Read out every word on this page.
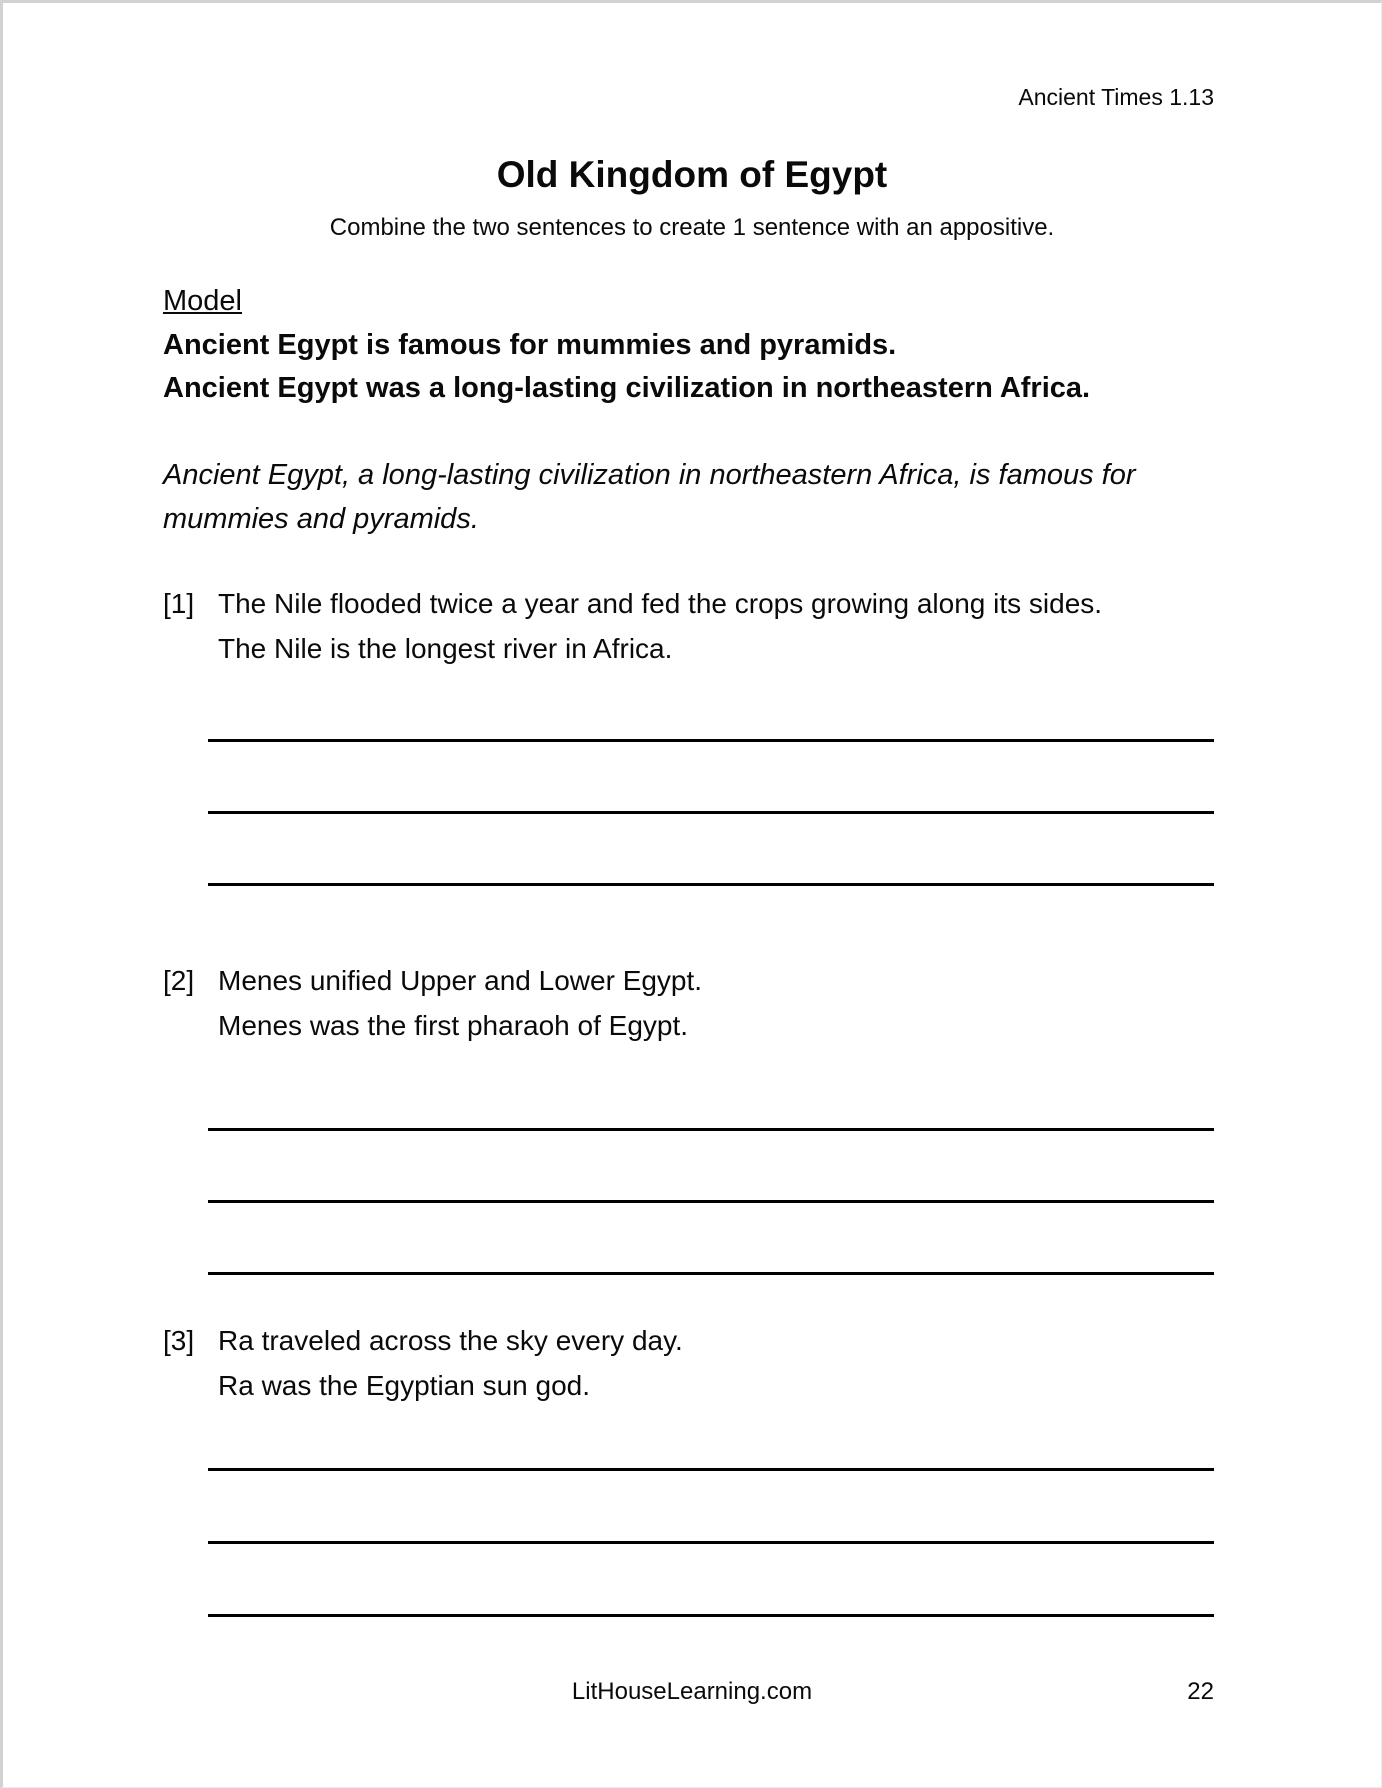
Ancient Times 1.13
Old Kingdom of Egypt
Combine the two sentences to create 1 sentence with an appositive.
Model
Ancient Egypt is famous for mummies and pyramids.
Ancient Egypt was a long-lasting civilization in northeastern Africa.
Ancient Egypt, a long-lasting civilization in northeastern Africa, is famous for mummies and pyramids.
[1] The Nile flooded twice a year and fed the crops growing along its sides.
The Nile is the longest river in Africa.
[2] Menes unified Upper and Lower Egypt.
Menes was the first pharaoh of Egypt.
[3] Ra traveled across the sky every day.
Ra was the Egyptian sun god.
LitHouseLearning.com	22
